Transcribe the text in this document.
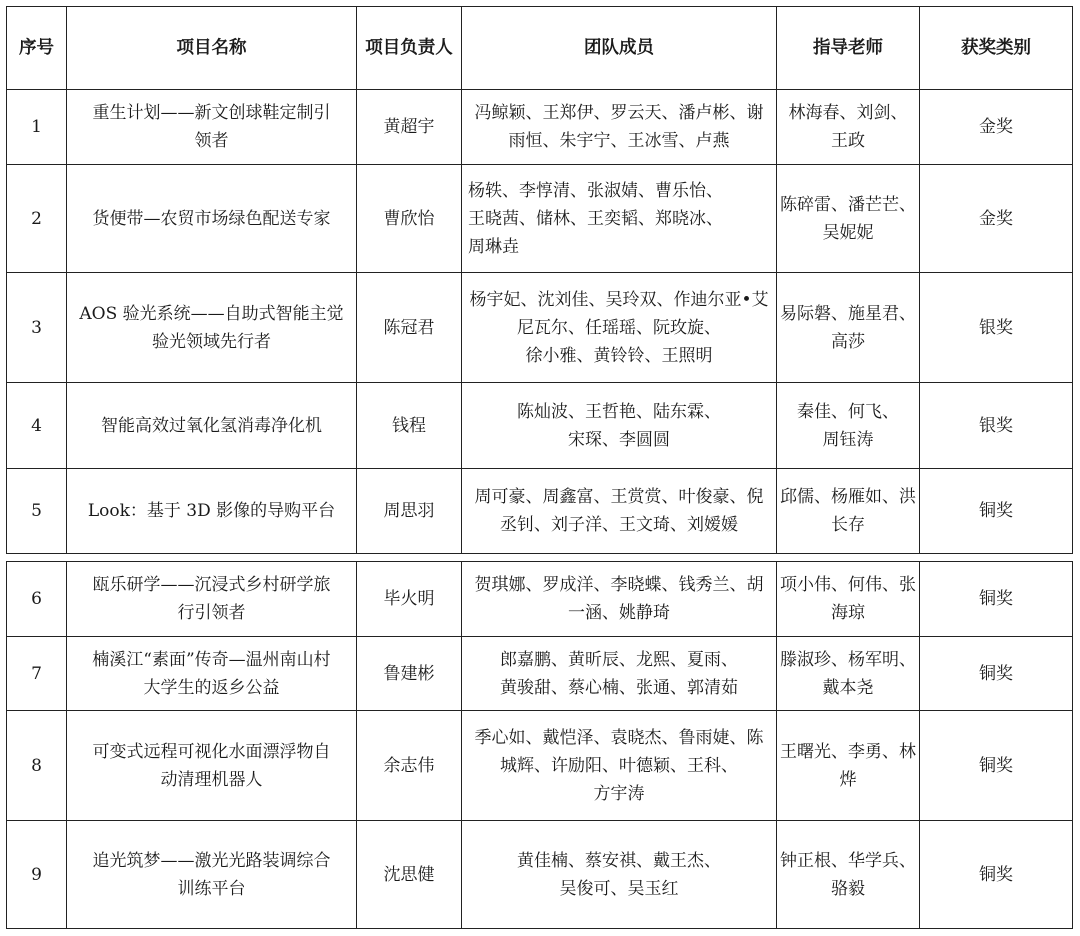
序号	项目名称	项目负责人	团队成员	指导老师	获奖类别
1	重生计划——新文创球鞋定制引
领者	黄超宇	冯鲸颖、王郑伊、罗云天、潘卢彬、谢
雨恒、朱宇宁、王冰雪、卢燕	林海春、刘剑、
王政	金奖
2	货便带—农贸市场绿色配送专家	曹欣怡	杨轶、李惇清、张淑婧、曹乐怡、
王晓茜、储林、王奕韬、郑晓冰、
周琳垚	陈碎雷、潘芒芒、
吴妮妮	金奖
3	AOS 验光系统——自助式智能主觉
验光领域先行者	陈冠君	杨宇妃、沈刘佳、吴玲双、作迪尔亚•艾
尼瓦尔、任瑶瑶、阮玫旋、
徐小雅、黄铃铃、王照明	易际磐、施星君、
高莎	银奖
4	智能高效过氧化氢消毒净化机	钱程	陈灿波、王哲艳、陆东霖、
宋琛、李圆圆	秦佳、何飞、
周钰涛	银奖
5	Look：基于 3D 影像的导购平台	周思羽	周可豪、周鑫富、王赏赏、叶俊豪、倪
丞钊、刘子洋、王文琦、刘嫒媛	邱儒、杨雁如、洪
长存	铜奖
6	瓯乐研学——沉浸式乡村研学旅
行引领者	毕火明	贺琪娜、罗成洋、李晓蝶、钱秀兰、胡
一涵、姚静琦	项小伟、何伟、张
海琼	铜奖
7	楠溪江“素面”传奇—温州南山村
大学生的返乡公益	鲁建彬	郎嘉鹏、黄昕辰、龙熙、夏雨、
黄骏甜、蔡心楠、张通、郭清茹	滕淑珍、杨军明、
戴本尧	铜奖
8	可变式远程可视化水面漂浮物自
动清理机器人	余志伟	季心如、戴恺泽、袁晓杰、鲁雨婕、陈
城辉、许励阳、叶德颖、王科、
方宇涛	王曙光、李勇、林
烨	铜奖
9	追光筑梦——激光光路装调综合
训练平台	沈思健	黄佳楠、蔡安祺、戴王杰、
吴俊可、吴玉红	钟正根、华学兵、
骆毅	铜奖
